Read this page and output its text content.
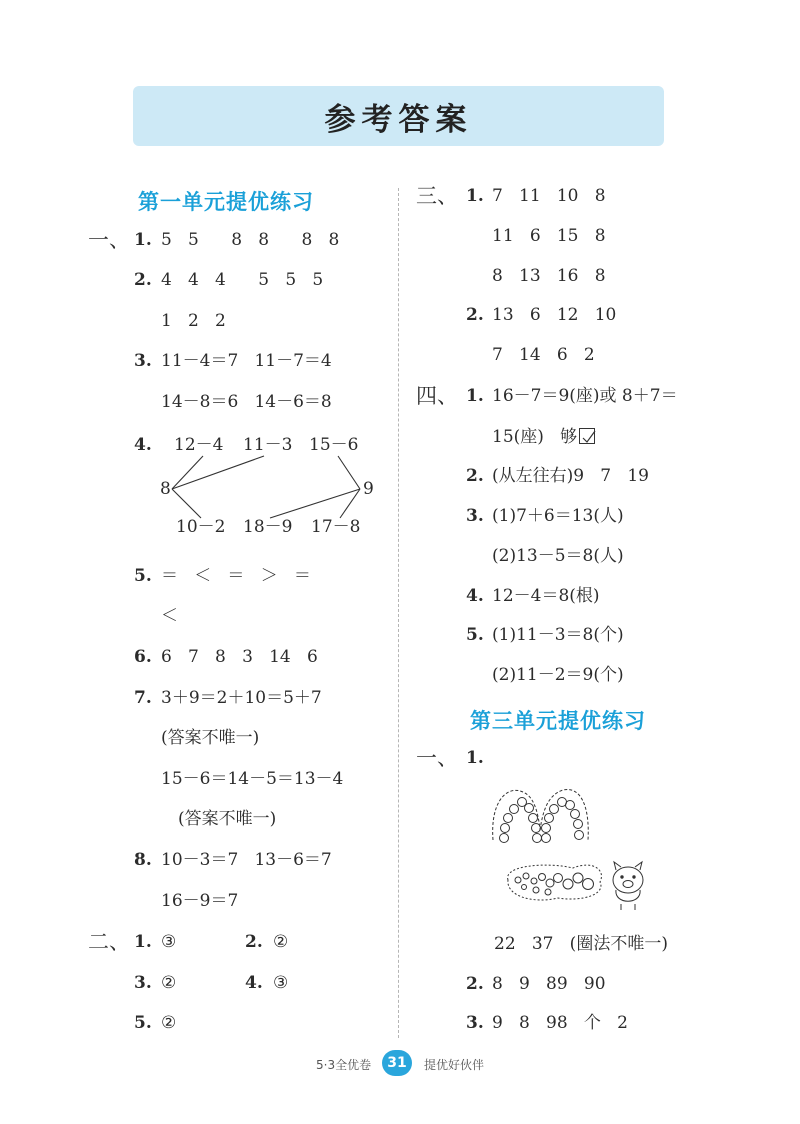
参考答案
第一单元提优练习
一、 1. 5   5      8   8      8   8
2. 4   4   4      5   5   5
1   2   2
3. 11－4＝7   11－7＝4
14－8＝6   14－6＝8
4. 12－4 11－3 15－6
8	9
10－2 18－9 17－8
5. ＝   ＜   ＝   ＞   ＝
＜
6. 6   7   8   3   14   6
7. 3＋9＝2＋10＝5＋7
(答案不唯一)
15－6＝14－5＝13－4
(答案不唯一)
8. 10－3＝7   13－6＝7
16－9＝7
二、 1. ③	2. ②
3. ②	4. ③
5. ②
三、 1. 7   11   10   8
11   6   15   8
8   13   16   8
2. 13   6   12   10
7   14   6   2
四、 1. 16－7＝9(座)或 8＋7＝
15(座)   够
2. (从左往右)9   7   19
3. (1)7＋6＝13(人)
(2)13－5＝8(人)
4. 12－4＝8(根)
5. (1)11－3＝8(个)
(2)11－2＝9(个)
第三单元提优练习
一、 1.
22   37   (圈法不唯一)
2. 8   9   89   90
3. 9   8   98   个   2
5·3全优卷	31	提优好伙伴
